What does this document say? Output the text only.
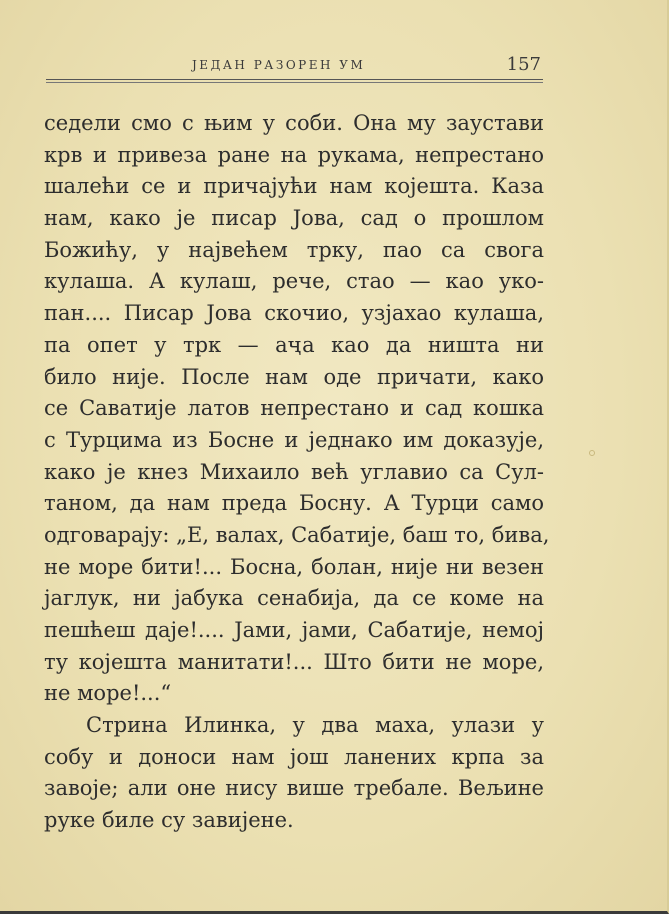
ЈЕДАН РАЗОРЕН УМ	157
седели смо с њим у соби. Она му заустави
крв и привеза ране на рукама, непрестано
шалећи се и причајући нам којешта. Каза
нам, како је писар Јова, сад о прошлом
Божићу, у највећем трку, пао са свога
кулаша. А кулаш, рече, стао — као уко-
пан.... Писар Јова скочио, узјахао кулаша,
па опет у трк — аҷа као да ништа ни
било није. После нам оде причати, како
се Саватије латов непрестано и сад кошка
с Турцима из Босне и једнако им доказује,
како је кнез Михаило већ углавио са Сул-
таном, да нам преда Босну. А Турци само
одговарају: „Е, валах, Сабатије, баш то, бива,
не море бити!... Босна, болан, није ни везен
јаглук, ни јабука сенабија, да се коме на
пешћеш даје!.... Јами, јами, Сабатије, немој
ту којешта манитати!... Што бити не море,
не море!...“
Стрина Илинка, у два маха, улази у
собу и доноси нам још ланених крпа за
завоје; али оне нису више требале. Вељине
руке биле су завијене.
